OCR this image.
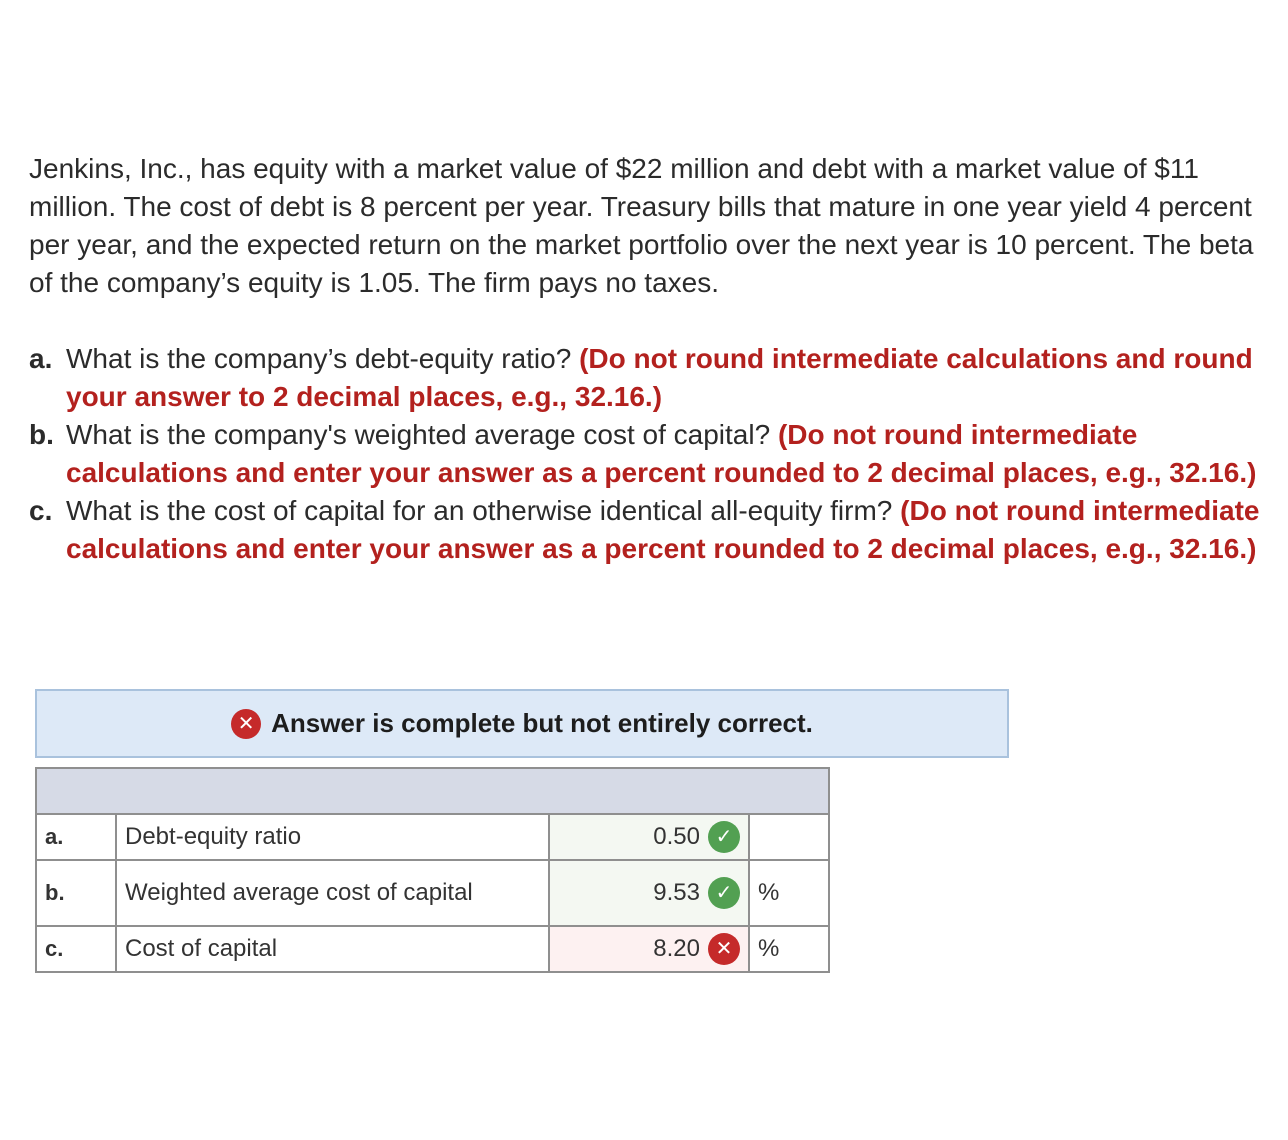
Jenkins, Inc., has equity with a market value of $22 million and debt with a market value of $11 million. The cost of debt is 8 percent per year. Treasury bills that mature in one year yield 4 percent per year, and the expected return on the market portfolio over the next year is 10 percent. The beta of the company’s equity is 1.05. The firm pays no taxes.
a. What is the company’s debt-equity ratio? (Do not round intermediate calculations and round your answer to 2 decimal places, e.g., 32.16.)
b. What is the company's weighted average cost of capital? (Do not round intermediate calculations and enter your answer as a percent rounded to 2 decimal places, e.g., 32.16.)
c. What is the cost of capital for an otherwise identical all-equity firm? (Do not round intermediate calculations and enter your answer as a percent rounded to 2 decimal places, e.g., 32.16.)
✕ Answer is complete but not entirely correct.

a.	Debt-equity ratio	0.50 ✓	

b.	Weighted average cost of capital	9.53 ✓	%
c.	Cost of capital	8.20 ✕	%
